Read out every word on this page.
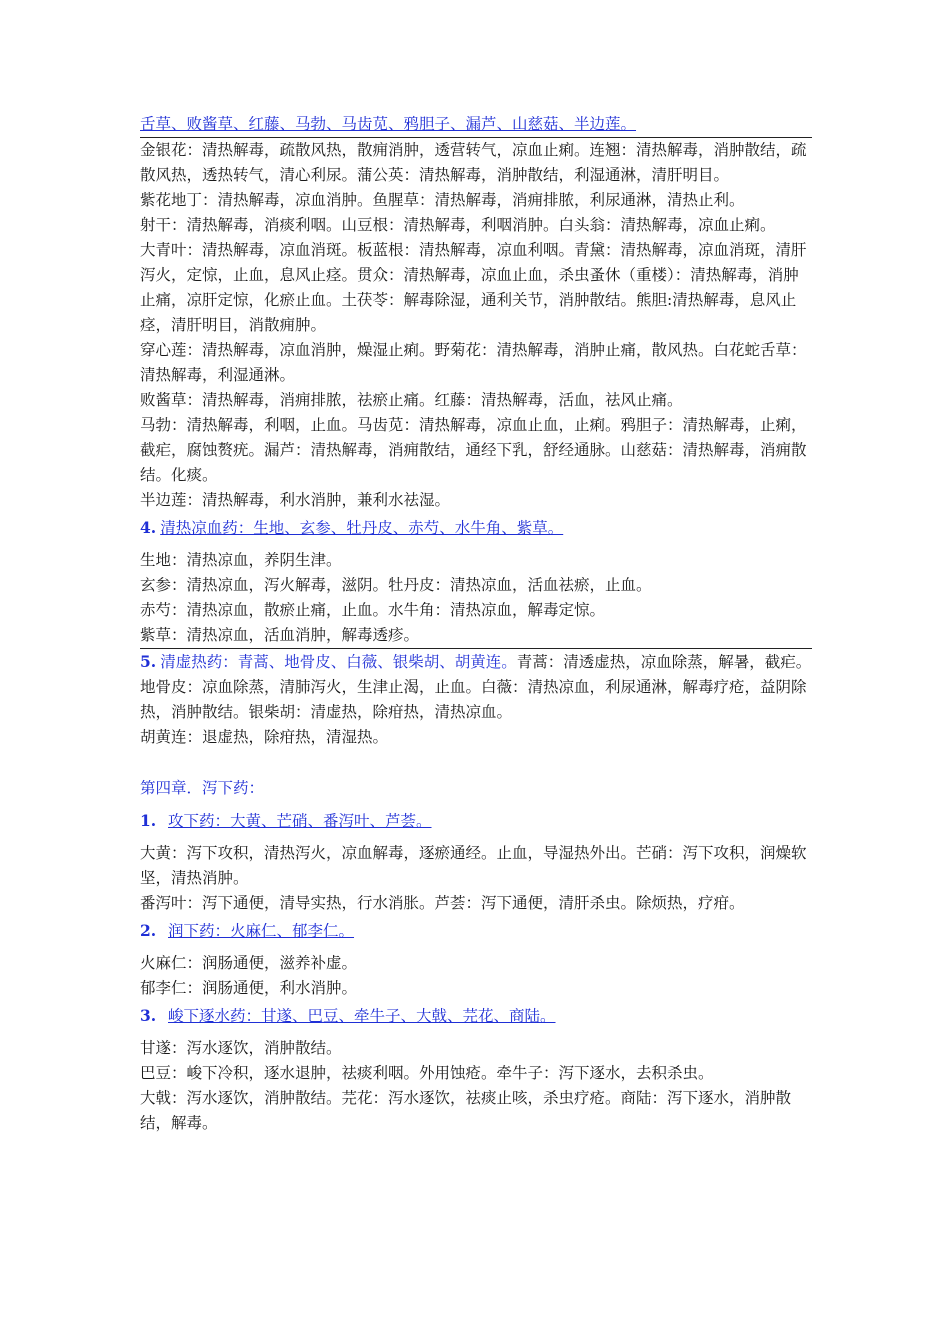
舌草、败酱草、红藤、马勃、马齿苋、鸦胆子、漏芦、山慈菇、半边莲。

金银花：清热解毒，疏散风热，散痈消肿，透营转气，凉血止痢。连翘：清热解毒，消肿散结，疏散风热，透热转气，清心利尿。蒲公英：清热解毒，消肿散结，利湿通淋，清肝明目。

紫花地丁：清热解毒，凉血消肿。鱼腥草：清热解毒，消痈排脓，利尿通淋，清热止利。

射干：清热解毒，消痰利咽。山豆根：清热解毒，利咽消肿。白头翁：清热解毒，凉血止痢。

大青叶：清热解毒，凉血消斑。板蓝根：清热解毒，凉血利咽。青黛：清热解毒，凉血消斑，清肝泻火，定惊，止血，息风止痉。贯众：清热解毒，凉血止血，杀虫蚤休（重楼）：清热解毒，消肿止痛，凉肝定惊，化瘀止血。土茯苓：解毒除湿，通利关节，消肿散结。熊胆:清热解毒，息风止痉，清肝明目，消散痈肿。

穿心莲：清热解毒，凉血消肿，燥湿止痢。野菊花：清热解毒，消肿止痛，散风热。白花蛇舌草：清热解毒，利湿通淋。

败酱草：清热解毒，消痈排脓，祛瘀止痛。红藤：清热解毒，活血，祛风止痛。

马勃：清热解毒，利咽，止血。马齿苋：清热解毒，凉血止血，止痢。鸦胆子：清热解毒，止痢，截疟，腐蚀赘疣。漏芦：清热解毒，消痈散结，通经下乳，舒经通脉。山慈菇：清热解毒，消痈散结。化痰。

半边莲：清热解毒，利水消肿，兼利水祛湿。

4. 清热凉血药：生地、玄参、牡丹皮、赤芍、水牛角、紫草。

生地：清热凉血，养阴生津。

玄参：清热凉血，泻火解毒，滋阴。牡丹皮：清热凉血，活血祛瘀，止血。

赤芍：清热凉血，散瘀止痛，止血。水牛角：清热凉血，解毒定惊。

紫草：清热凉血，活血消肿，解毒透疹。

5. 清虚热药：青蒿、地骨皮、白薇、银柴胡、胡黄连。青蒿：清透虚热，凉血除蒸，解暑，截疟。

地骨皮：凉血除蒸，清肺泻火，生津止渴，止血。白薇：清热凉血，利尿通淋，解毒疗疮，益阴除热，消肿散结。银柴胡：清虚热，除疳热，清热凉血。

胡黄连：退虚热，除疳热，清湿热。

第四章．泻下药：

1. 攻下药：大黄、芒硝、番泻叶、芦荟。

大黄：泻下攻积，清热泻火，凉血解毒，逐瘀通经。止血，导湿热外出。芒硝：泻下攻积，润燥软坚，清热消肿。

番泻叶：泻下通便，清导实热，行水消胀。芦荟：泻下通便，清肝杀虫。除烦热，疗疳。

2. 润下药：火麻仁、郁李仁。

火麻仁：润肠通便，滋养补虚。

郁李仁：润肠通便，利水消肿。

3. 峻下逐水药：甘遂、巴豆、牵牛子、大戟、芫花、商陆。

甘遂：泻水逐饮，消肿散结。

巴豆：峻下冷积，逐水退肿，祛痰利咽。外用蚀疮。牵牛子：泻下逐水，去积杀虫。

大戟：泻水逐饮，消肿散结。芫花：泻水逐饮，祛痰止咳，杀虫疗疮。商陆：泻下逐水，消肿散结，解毒。
